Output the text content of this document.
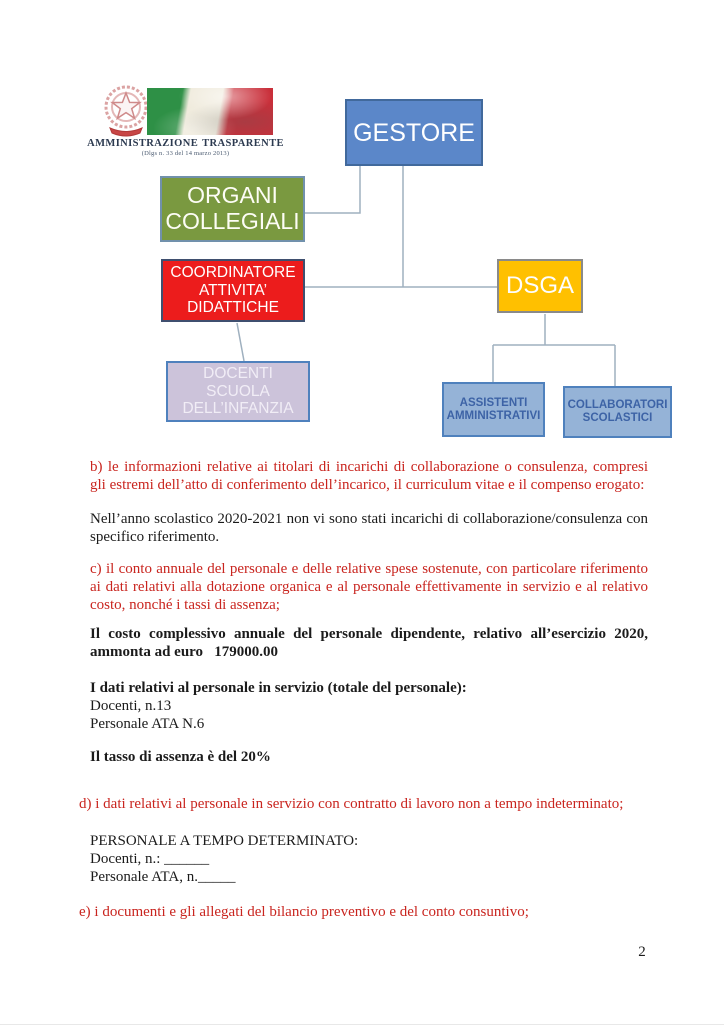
AMMINISTRAZIONE TRASPARENTE
(Dlgs n. 33 del 14 marzo 2013)
GESTORE
ORGANI COLLEGIALI
COORDINATORE ATTIVITA’ DIDATTICHE
DSGA
DOCENTI SCUOLA DELL’INFANZIA	ASSISTENTI AMMINISTRATIVI
COLLABORATORI SCOLASTICI

b) le informazioni relative ai titolari di incarichi di collaborazione o consulenza, compresi gli estremi dell’atto di conferimento dell’incarico, il curriculum vitae e il compenso erogato:

Nell’anno scolastico 2020-2021 non vi sono stati incarichi di collaborazione/consulenza con specifico riferimento.

c) il conto annuale del personale e delle relative spese sostenute, con particolare riferimento ai dati relativi alla dotazione organica e al personale effettivamente in servizio e al relativo costo, nonché i tassi di assenza;

Il costo complessivo annuale del personale dipendente, relativo all’esercizio 2020,

ammonta ad euro   179000.00

I dati relativi al personale in servizio (totale del personale):

Docenti, n.13

Personale ATA N.6

Il tasso di assenza è del 20%

d) i dati relativi al personale in servizio con contratto di lavoro non a tempo indeterminato;

PERSONALE A TEMPO DETERMINATO:

Docenti, n.: ______

Personale ATA, n._____

e) i documenti e gli allegati del bilancio preventivo e del conto consuntivo;

2
